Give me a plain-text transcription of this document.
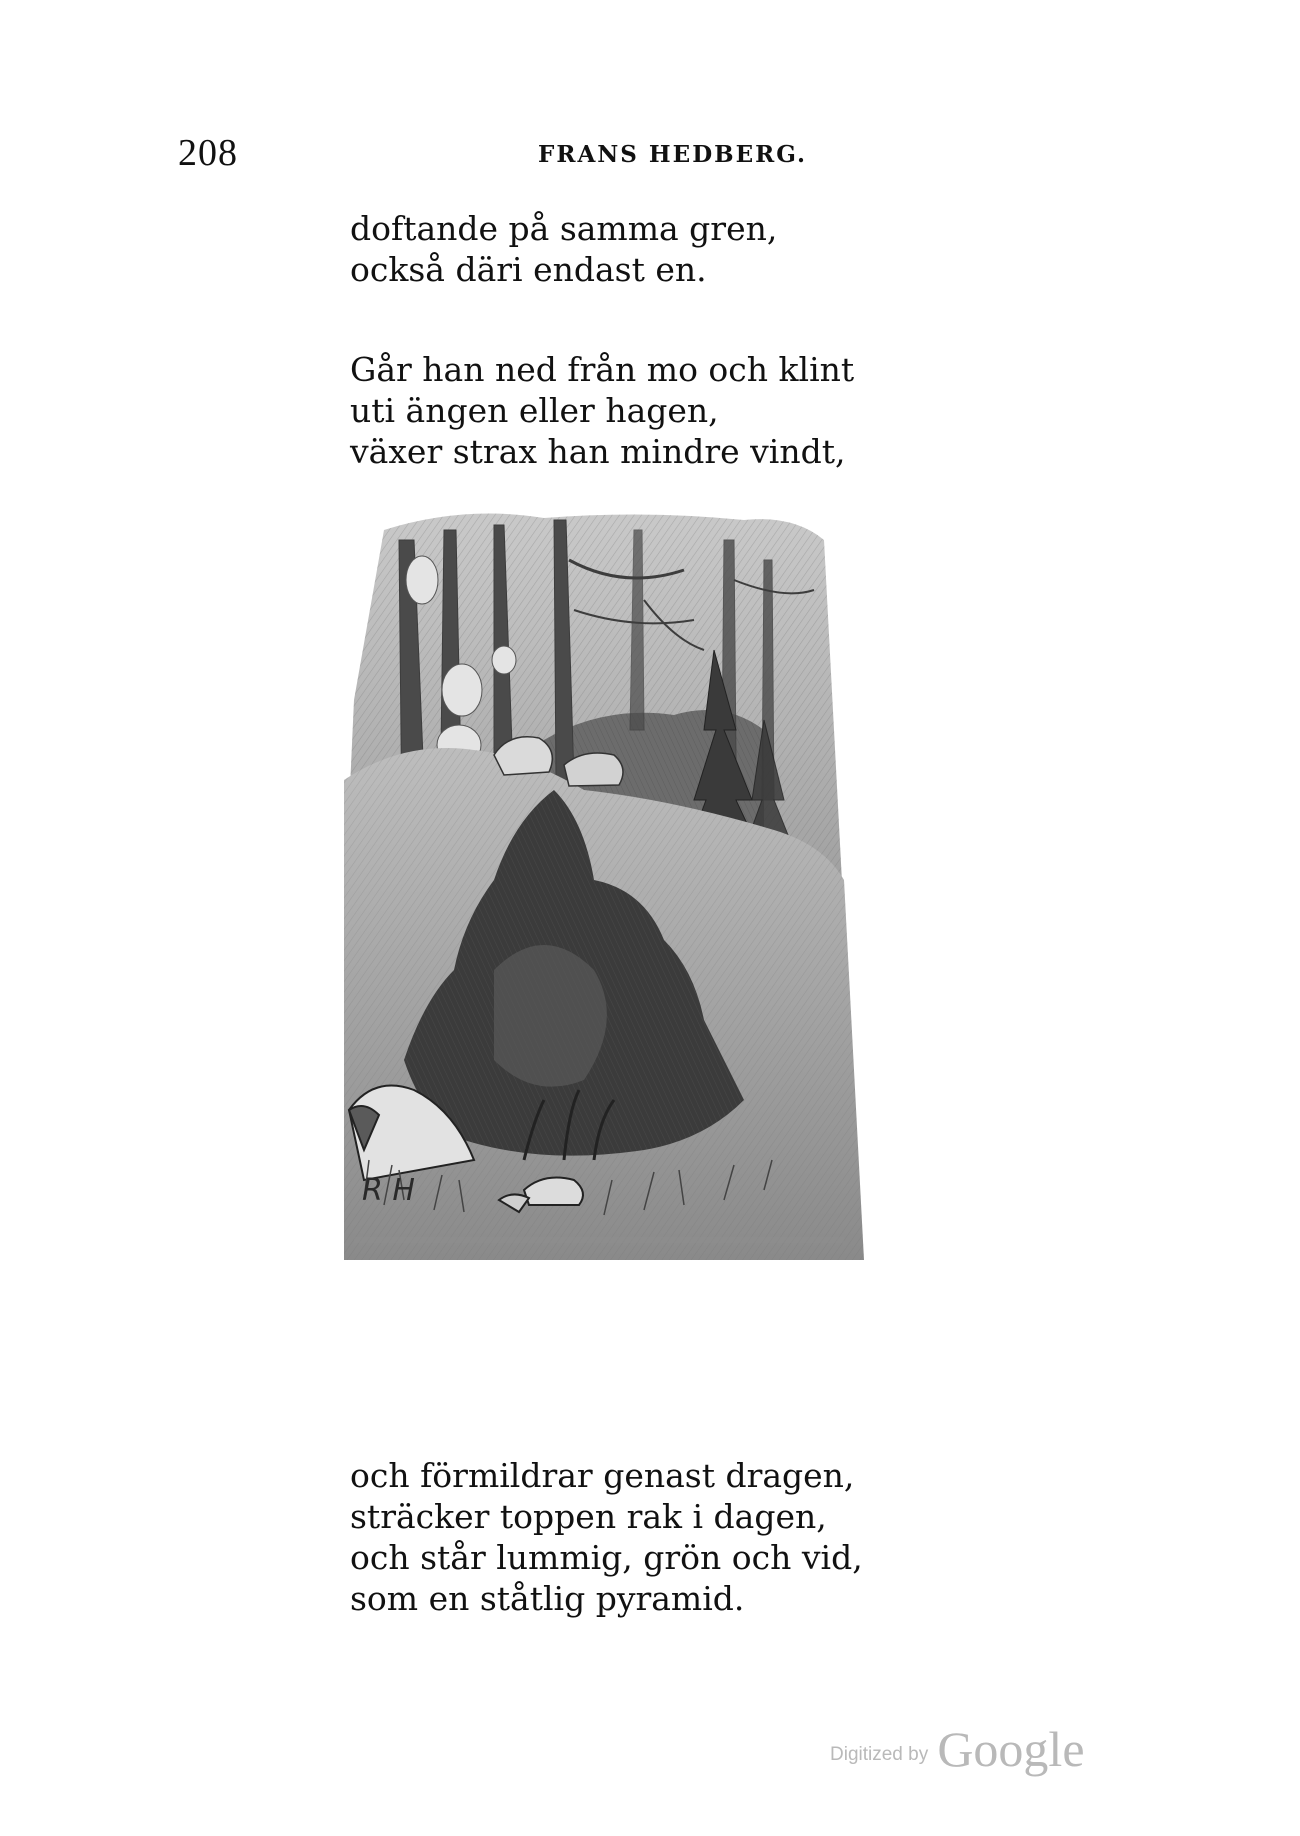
208	FRANS HEDBERG.
doftande på samma gren,
också däri endast en.
Går han ned från mo och klint
uti ängen eller hagen,
växer strax han mindre vindt,
R H
och förmildrar genast dragen,
sträcker toppen rak i dagen,
och står lummig, grön och vid,
som en ståtlig pyramid.
Digitized by Google
